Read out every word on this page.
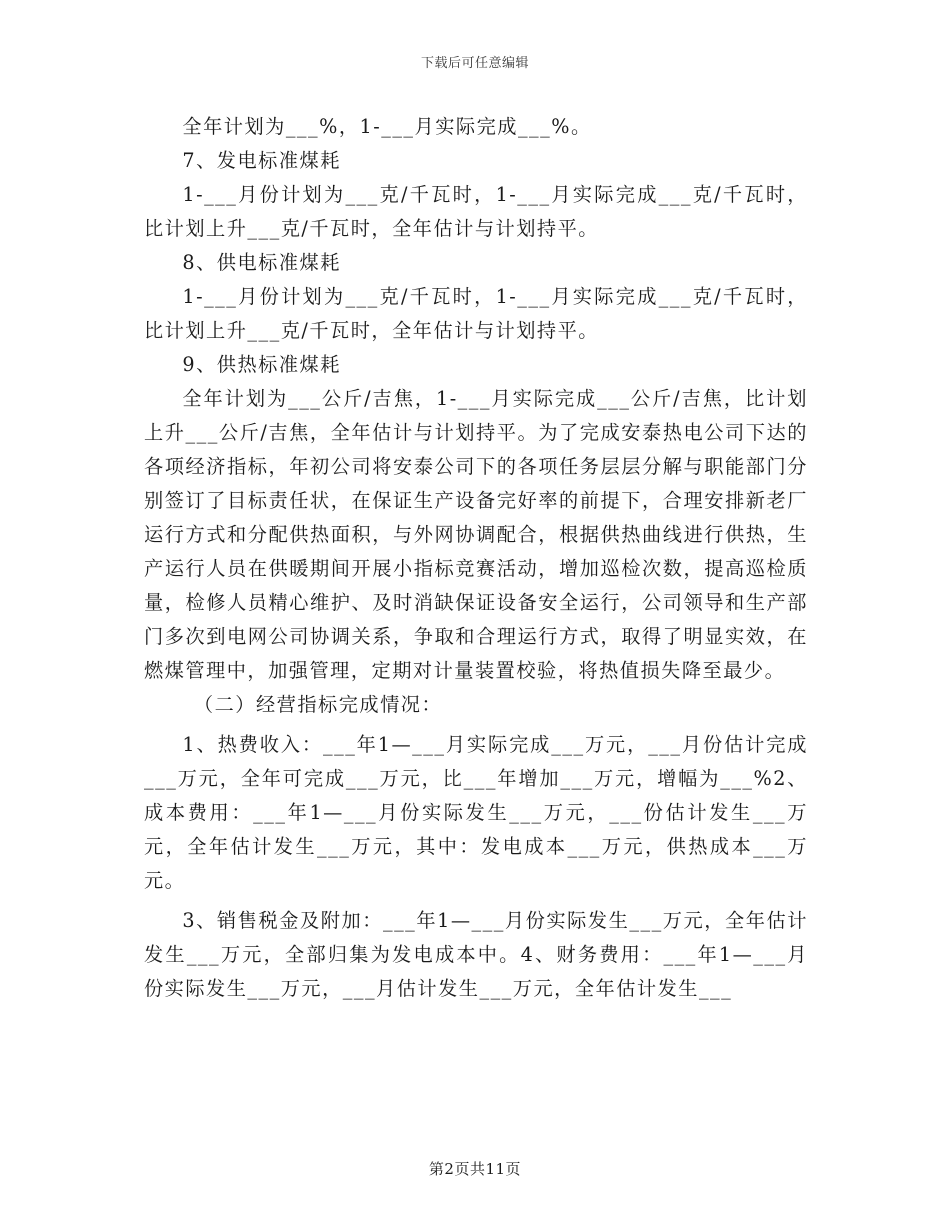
下载后可任意编辑

全年计划为___%，1-___月实际完成___%。

7、发电标准煤耗

1-___月份计划为___克/千瓦时，1-___月实际完成___克/千瓦时，比计划上升___克/千瓦时，全年估计与计划持平。

8、供电标准煤耗

1-___月份计划为___克/千瓦时，1-___月实际完成___克/千瓦时，比计划上升___克/千瓦时，全年估计与计划持平。

9、供热标准煤耗

全年计划为___公斤/吉焦，1-___月实际完成___公斤/吉焦，比计划上升___公斤/吉焦，全年估计与计划持平。为了完成安泰热电公司下达的各项经济指标，年初公司将安泰公司下的各项任务层层分解与职能部门分别签订了目标责任状，在保证生产设备完好率的前提下，合理安排新老厂运行方式和分配供热面积，与外网协调配合，根据供热曲线进行供热，生产运行人员在供暖期间开展小指标竞赛活动，增加巡检次数，提高巡检质量，检修人员精心维护、及时消缺保证设备安全运行，公司领导和生产部门多次到电网公司协调关系，争取和合理运行方式，取得了明显实效，在燃煤管理中，加强管理，定期对计量装置校验，将热值损失降至最少。

（二）经营指标完成情况：

1、热费收入：___年1—___月实际完成___万元，___月份估计完成___万元，全年可完成___万元，比___年增加___万元，增幅为___%2、成本费用：___年1—___月份实际发生___万元，___份估计发生___万元，全年估计发生___万元，其中：发电成本___万元，供热成本___万元。

3、销售税金及附加：___年1—___月份实际发生___万元，全年估计发生___万元，全部归集为发电成本中。4、财务费用：___年1—___月份实际发生___万元，___月估计发生___万元，全年估计发生___

第2页共11页
